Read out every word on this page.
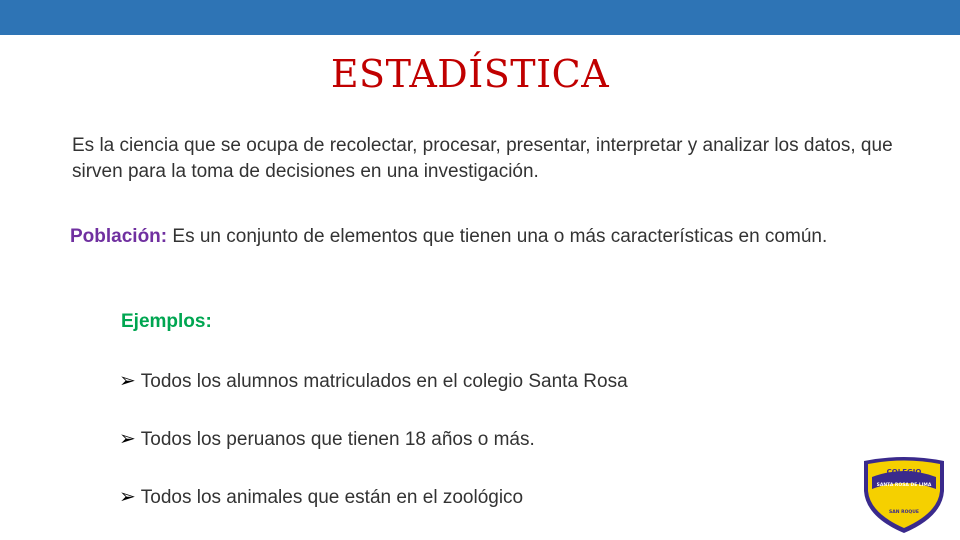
ESTADÍSTICA
Es la ciencia que se ocupa de recolectar, procesar, presentar, interpretar y analizar los datos, que sirven para la toma de decisiones en una investigación.
Población: Es un conjunto de elementos que tienen una o más características en común.
Ejemplos:
➢ Todos los alumnos matriculados en el colegio Santa Rosa
➢ Todos los peruanos que tienen 18 años o más.
➢ Todos los animales que están en el zoológico
COLEGIO
SANTA ROSA DE LIMA
SAN ROQUE
